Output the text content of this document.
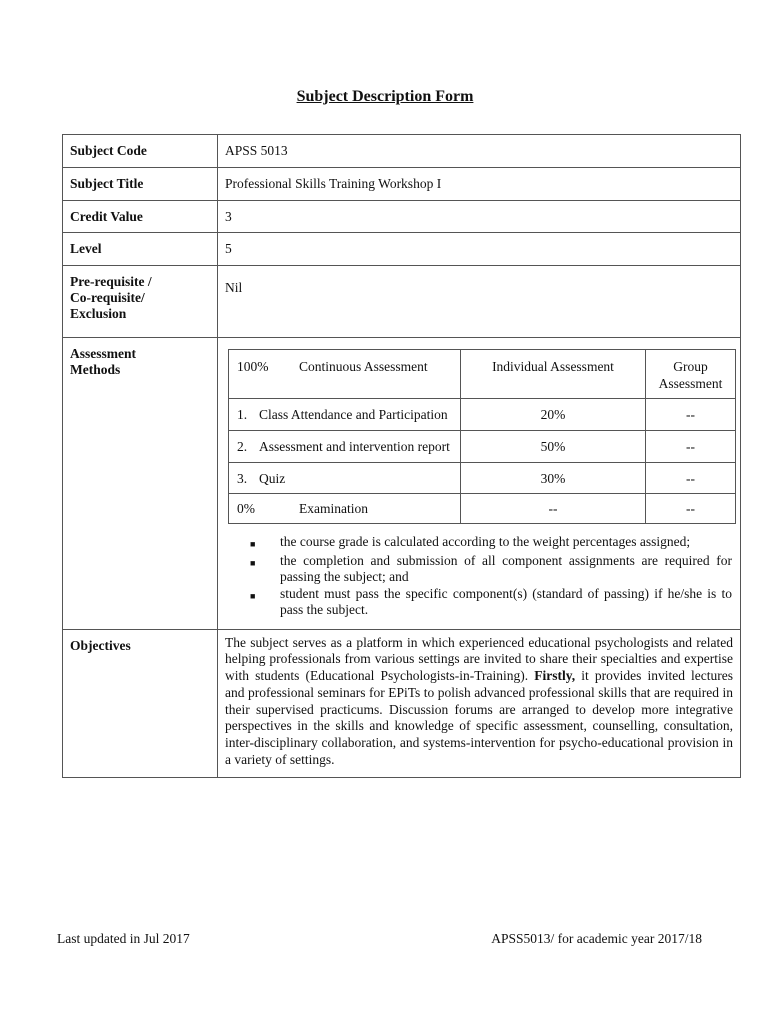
Subject Description Form
Subject Code	APSS 5013
Subject Title	Professional Skills Training Workshop I
Credit Value	3
Level	5

Pre-requisite /
Co-requisite/
Exclusion
	Nil

Assessment
Methods
		100% Continuous Assessment	Individual Assessment	Group Assessment

1. Class Attendance and Participation	20%	--

2. Assessment and intervention report	50%	--

3. Quiz	30%	--
0%	Examination	--	--
■	the course grade is calculated according to the weight percentages assigned;
■	the completion and submission of all component assignments are required for passing the subject; and
■	student must pass the specific component(s) (standard of passing) if he/she is to pass the subject.

Objectives	The subject serves as a platform in which experienced educational psychologists and related helping professionals from various settings are invited to share their specialties and expertise with students (Educational Psychologists-in-Training). Firstly, it provides invited lectures and professional seminars for EPiTs to polish advanced professional skills that are required in their supervised practicums. Discussion forums are arranged to develop more integrative perspectives in the skills and knowledge of specific assessment, counselling, consultation, inter-disciplinary collaboration, and systems-intervention for psycho-educational provision in a variety of settings.
Last updated in Jul 2017	APSS5013/ for academic year 2017/18
